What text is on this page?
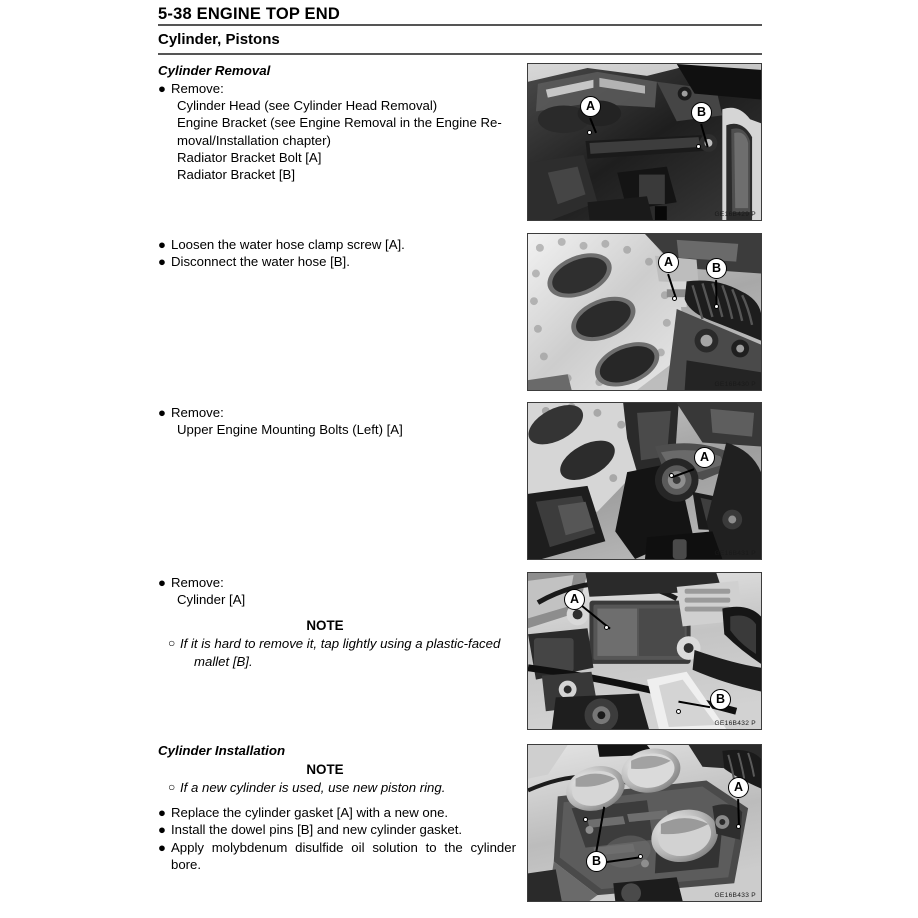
5-38 ENGINE TOP END
Cylinder, Pistons
Cylinder Removal
● Remove:
Cylinder Head (see Cylinder Head Removal)
Engine Bracket (see Engine Removal in the Engine Re-
moval/Installation chapter)
Radiator Bracket Bolt [A]
Radiator Bracket [B]
● Loosen the water hose clamp screw [A].
● Disconnect the water hose [B].
● Remove:
Upper Engine Mounting Bolts (Left) [A]
● Remove:
Cylinder [A]
NOTE
○ If it is hard to remove it, tap lightly using a plastic-faced
mallet [B].
Cylinder Installation
NOTE
○ If a new cylinder is used, use new piston ring.
● Replace the cylinder gasket [A] with a new one.
● Install the dowel pins [B] and new cylinder gasket.
● Apply molybdenum disulfide oil solution to the cylinder
bore.
A	B
GE16B429 P
A	B
GE16B430 P
A
GE16B431 P
A
B
GE16B432 P
A
B
GE16B433 P
